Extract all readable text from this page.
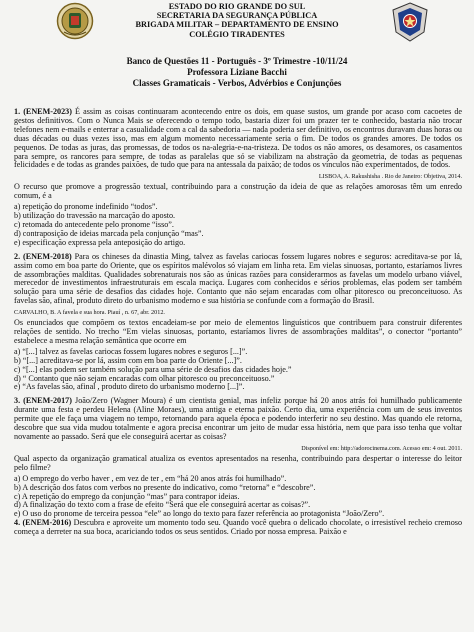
ESTADO DO RIO GRANDE DO SUL
SECRETARIA DA SEGURANÇA PÚBLICA
BRIGADA MILITAR – DEPARTAMENTO DE ENSINO
COLÉGIO TIRADENTES
Banco de Questões 11 - Português - 3º Trimestre -10/11/24
Professora Liziane Bacchi
Classes Gramaticais - Verbos, Advérbios e Conjunções

1. (ENEM-2023) É assim as coisas continuaram acontecendo entre os dois, em quase sustos, um grande por acaso com cacoetes de gestos definitivos. Com o Nunca Mais se oferecendo o tempo todo, bastaria dizer foi um prazer ter te conhecido, bastaria não trocar telefones nem e-mails e enterrar a casualidade com a cal da sabedoria — nada poderia ser definitivo, os encontros duravam duas horas ou duas décadas ou duas vezes isso, mas em algum momento necessariamente seria o fim. De todos os grandes amores. De todos os pequenos. De todas as juras, das promessas, de todos os na-alegria-e-na-tristeza. De todos os não amores, os desamores, os casamentos para sempre, os rancores para sempre, de todas as paralelas que só se viabilizam na abstração da geometria, de todas as pequenas felicidades e de todas as grandes paixões, de tudo que para na antessala da paixão; de todos os vínculos não experimentados, de todos.

LISBOA, A. Rakushisha . Rio de Janeiro: Objetiva, 2014.

O recurso que promove a progressão textual, contribuindo para a construção da ideia de que as relações amorosas têm um enredo comum, é a

a) repetição do pronome indefinido “todos”.

b) utilização do travessão na marcação do aposto.

c) retomada do antecedente pelo pronome “isso”.

d) contraposição de ideias marcada pela conjunção “mas”.

e) especificação expressa pela anteposição do artigo.

2. (ENEM-2018) Para os chineses da dinastia Ming, talvez as favelas cariocas fossem lugares nobres e seguros: acreditava-se por lá, assim como em boa parte do Oriente, que os espíritos malévolos só viajam em linha reta. Em vielas sinuosas, portanto, estaríamos livres de assombrações malditas. Qualidades sobrenaturais nos são as únicas razões para considerarmos as favelas um modelo urbano viável, merecedor de investimentos infraestruturais em escala maciça. Lugares com conhecidos e sérios problemas, elas podem ser também solução para uma série de desafios das cidades hoje. Contanto que não sejam encaradas com olhar pitoresco ou preconceituoso. As favelas são, afinal, produto direto do urbanismo moderno e sua história se confunde com a formação do Brasil.

CARVALHO, B. A favela e sua hora. Piauí , n. 67, abr. 2012.

Os enunciados que compõem os textos encadeiam-se por meio de elementos linguísticos que contribuem para construir diferentes relações de sentido. No trecho “Em vielas sinuosas, portanto, estaríamos livres de assombrações malditas”, o conector “portanto” estabelece a mesma relação semântica que ocorre em

a) “[...] talvez as favelas cariocas fossem lugares nobres e seguros [...]”.

b) “[...] acreditava-se por lá, assim com em boa parte do Oriente [...]”.

c) “[...] elas podem ser também solução para uma série de desafios das cidades hoje.”

d) “ Contanto que não sejam encaradas com olhar pitoresco ou preconceituoso.”

e) “As favelas são, afinal , produto direto do urbanismo moderno [...]”.

3. (ENEM-2017) João/Zero (Wagner Moura) é um cientista genial, mas infeliz porque há 20 anos atrás foi humilhado publicamente durante uma festa e perdeu Helena (Aline Moraes), uma antiga e eterna paixão. Certo dia, uma experiência com um de seus inventos permite que ele faça uma viagem no tempo, retornando para aquela época e podendo interferir no seu destino. Mas quando ele retorna, descobre que sua vida mudou totalmente e agora precisa encontrar um jeito de mudar essa história, nem que para isso tenha que voltar novamente ao passado. Será que ele conseguirá acertar as coisas?

Disponível em: http://adorocinema.com. Acesso em: 4 out. 2011.

Qual aspecto da organização gramatical atualiza os eventos apresentados na resenha, contribuindo para despertar o interesse do leitor pelo filme?

a) O emprego do verbo haver , em vez de ter , em “há 20 anos atrás foi humilhado”.

b) A descrição dos fatos com verbos no presente do indicativo, como “retorna” e “descobre”.

c) A repetição do emprego da conjunção “mas” para contrapor ideias.

d) A finalização do texto com a frase de efeito “Será que ele conseguirá acertar as coisas?”.

e) O uso do pronome de terceira pessoa “ele” ao longo do texto para fazer referência ao protagonista “João/Zero”.

4. (ENEM-2016) Descubra e aproveite um momento todo seu. Quando você quebra o delicado chocolate, o irresistível recheio cremoso começa a derreter na sua boca, acariciando todos os seus sentidos. Criado por nossa empresa. Paixão e
